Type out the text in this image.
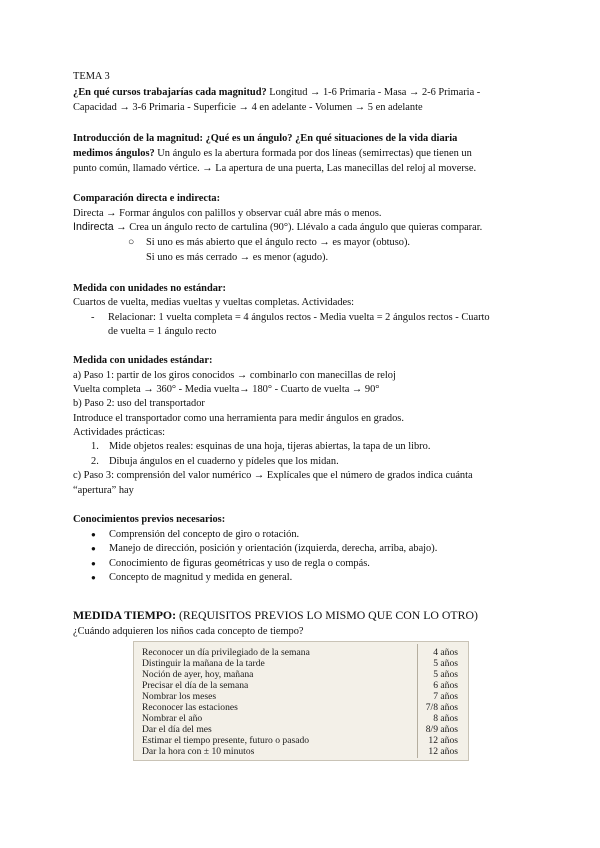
TEMA 3
¿En qué cursos trabajarías cada magnitud? Longitud → 1-6 Primaria - Masa → 2-6 Primaria -
Capacidad → 3-6 Primaria - Superficie → 4 en adelante - Volumen → 5 en adelante
Introducción de la magnitud: ¿Qué es un ángulo? ¿En qué situaciones de la vida diaria
medimos ángulos? Un ángulo es la abertura formada por dos líneas (semirrectas) que tienen un
punto común, llamado vértice. → La apertura de una puerta, Las manecillas del reloj al moverse.
Comparación directa e indirecta:
Directa → Formar ángulos con palillos y observar cuál abre más o menos.
Indirecta → Crea un ángulo recto de cartulina (90°). Llévalo a cada ángulo que quieras comparar.
○ Si uno es más abierto que el ángulo recto → es mayor (obtuso).
Si uno es más cerrado → es menor (agudo).
Medida con unidades no estándar:
Cuartos de vuelta, medias vueltas y vueltas completas. Actividades:
- Relacionar: 1 vuelta completa = 4 ángulos rectos - Media vuelta = 2 ángulos rectos - Cuarto
de vuelta = 1 ángulo recto
Medida con unidades estándar:
a) Paso 1: partir de los giros conocidos → combinarlo con manecillas de reloj
Vuelta completa → 360° - Media vuelta→ 180° - Cuarto de vuelta → 90°
b) Paso 2: uso del transportador
Introduce el transportador como una herramienta para medir ángulos en grados.
Actividades prácticas:
1. Mide objetos reales: esquinas de una hoja, tijeras abiertas, la tapa de un libro.
2. Dibuja ángulos en el cuaderno y pídeles que los midan.
c) Paso 3: comprensión del valor numérico → Explícales que el número de grados indica cuánta
“apertura” hay
Conocimientos previos necesarios:
● Comprensión del concepto de giro o rotación.
● Manejo de dirección, posición y orientación (izquierda, derecha, arriba, abajo).
● Conocimiento de figuras geométricas y uso de regla o compás.
● Concepto de magnitud y medida en general.
MEDIDA TIEMPO: (REQUISITOS PREVIOS LO MISMO QUE CON LO OTRO)
¿Cuándo adquieren los niños cada concepto de tiempo?
Reconocer un día privilegiado de la semana	4 años
Distinguir la mañana de la tarde	5 años
Noción de ayer, hoy, mañana	5 años
Precisar el día de la semana	6 años
Nombrar los meses	7 años
Reconocer las estaciones	7/8 años
Nombrar el año	8 años
Dar el día del mes	8/9 años
Estimar el tiempo presente, futuro o pasado	12 años
Dar la hora con ± 10 minutos	12 años
